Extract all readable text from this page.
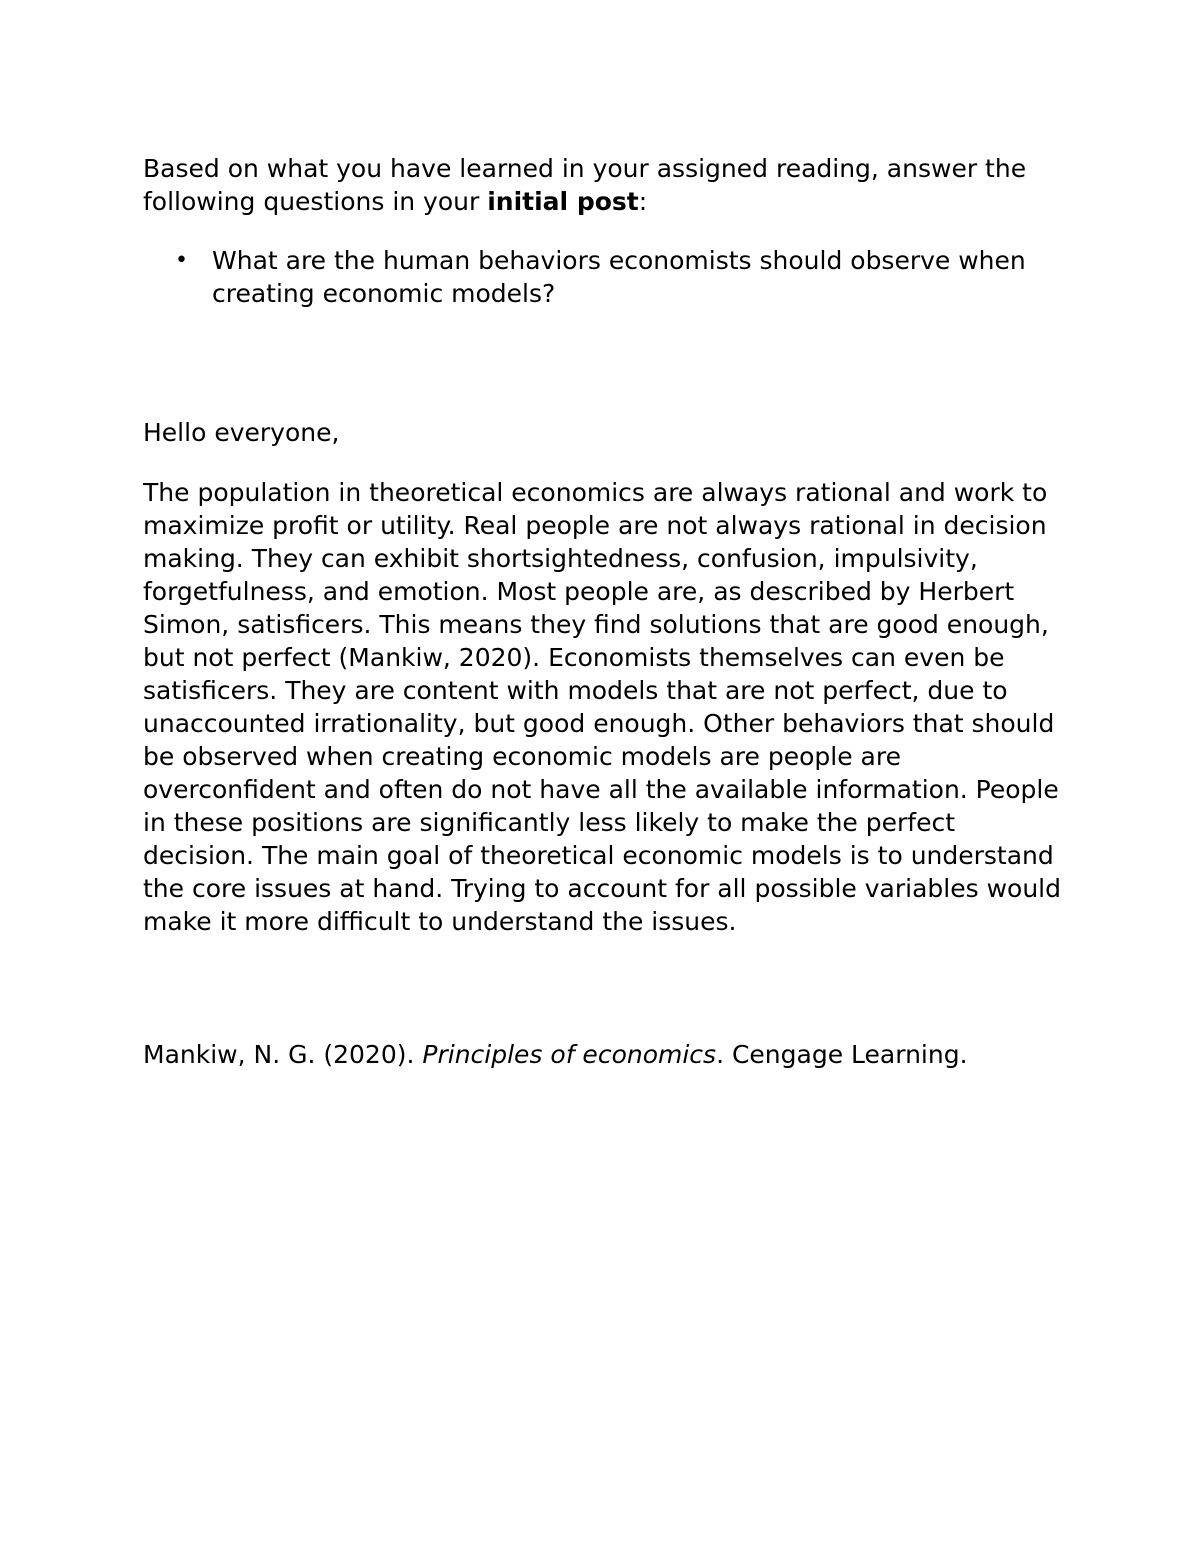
Based on what you have learned in your assigned reading, answer the following questions in your initial post:

• What are the human behaviors economists should observe when creating economic models?

Hello everyone,

The population in theoretical economics are always rational and work to maximize profit or utility. Real people are not always rational in decision making. They can exhibit shortsightedness, confusion, impulsivity, forgetfulness, and emotion. Most people are, as described by Herbert Simon, satisficers. This means they find solutions that are good enough, but not perfect (Mankiw, 2020). Economists themselves can even be satisficers. They are content with models that are not perfect, due to unaccounted irrationality, but good enough. Other behaviors that should be observed when creating economic models are people are overconfident and often do not have all the available information. People in these positions are significantly less likely to make the perfect decision. The main goal of theoretical economic models is to understand the core issues at hand. Trying to account for all possible variables would make it more difficult to understand the issues.

Mankiw, N. G. (2020). Principles of economics. Cengage Learning.
